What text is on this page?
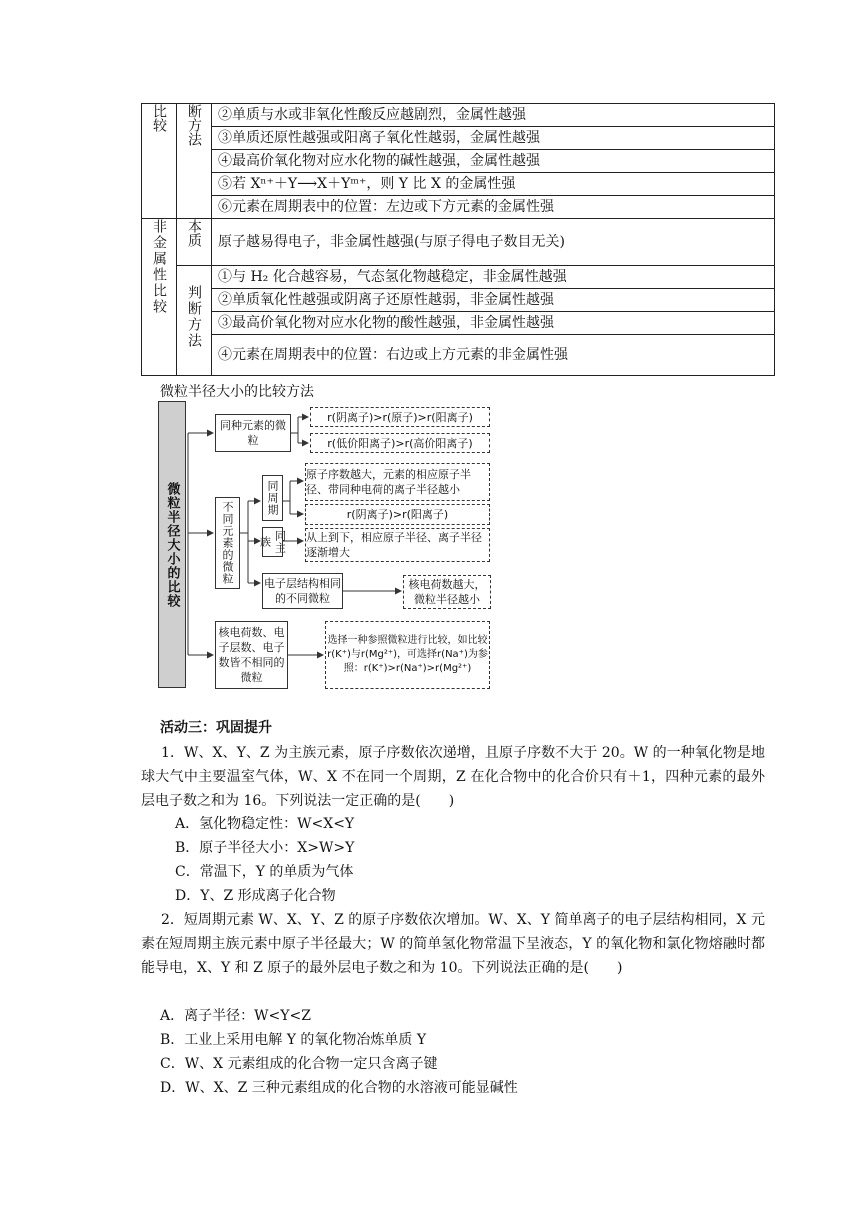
比较	断方法	②单质与水或非氧化性酸反应越剧烈，金属性越强
		③单质还原性越强或阳离子氧化性越弱，金属性越强
		④最高价氧化物对应水化物的碱性越强，金属性越强
		⑤若 Xⁿ⁺＋Y⟶X＋Yᵐ⁺，则 Y 比 X 的金属性强
		⑥元素在周期表中的位置：左边或下方元素的金属性强
非金属性比较	本质	原子越易得电子，非金属性越强(与原子得电子数目无关)
	判断方法	①与 H₂ 化合越容易，气态氢化物越稳定，非金属性越强
		②单质氧化性越强或阴离子还原性越弱，非金属性越强
		③最高价氧化物对应水化物的酸性越强，非金属性越强
		④元素在周期表中的位置：右边或上方元素的非金属性强
微粒半径大小的比较方法
微粒半径大小的比较
同种元素的微粒
r(阴离子)>r(原子)>r(阳离子)
r(低价阳离子)>r(高价阳离子)
不同元素的微粒
同周期
原子序数越大，元素的相应原子半径、带同种电荷的离子半径越小
r(阴离子)>r(阳离子)
同主族	从上到下，相应原子半径、离子半径逐渐增大
电子层结构相同的不同微粒
核电荷数越大，微粒半径越小
核电荷数、电子层数、电子数皆不相同的微粒
选择一种参照微粒进行比较，如比较r(K⁺)与r(Mg²⁺)，可选择r(Na⁺)为参照：r(K⁺)>r(Na⁺)>r(Mg²⁺)
活动三：巩固提升
1．W、X、Y、Z 为主族元素，原子序数依次递增，且原子序数不大于 20。W 的一种氧化物是地球大气中主要温室气体，W、X 不在同一个周期，Z 在化合物中的化合价只有＋1，四种元素的最外层电子数之和为 16。下列说法一定正确的是(　　)
A．氢化物稳定性：W<X<Y
B．原子半径大小：X>W>Y
C．常温下，Y 的单质为气体
D．Y、Z 形成离子化合物
2．短周期元素 W、X、Y、Z 的原子序数依次增加。W、X、Y 简单离子的电子层结构相同，X 元素在短周期主族元素中原子半径最大；W 的简单氢化物常温下呈液态，Y 的氧化物和氯化物熔融时都能导电，X、Y 和 Z 原子的最外层电子数之和为 10。下列说法正确的是(　　)
A．离子半径：W<Y<Z
B．工业上采用电解 Y 的氧化物冶炼单质 Y
C．W、X 元素组成的化合物一定只含离子键
D．W、X、Z 三种元素组成的化合物的水溶液可能显碱性
